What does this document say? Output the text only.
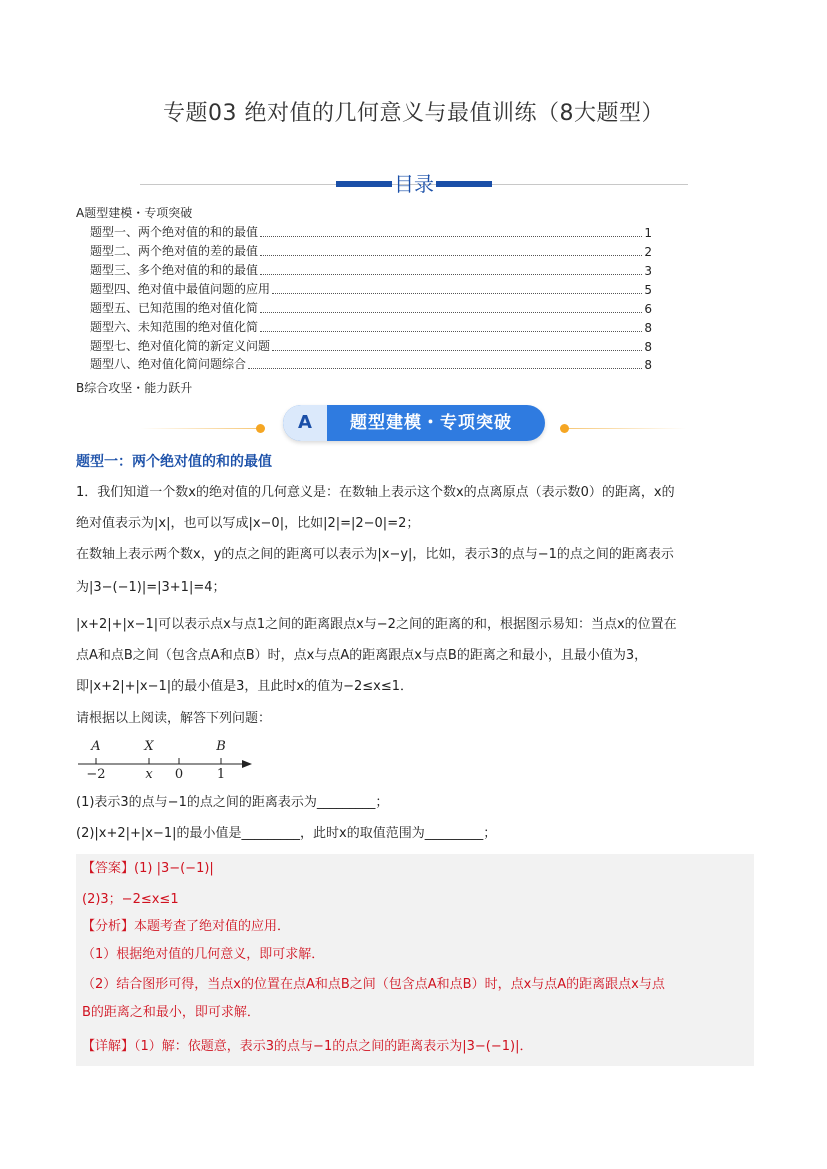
专题03 绝对值的几何意义与最值训练（8大题型）
目录
A题型建模・专项突破
题型一、两个绝对值的和的最值	1
题型二、两个绝对值的差的最值	2
题型三、多个绝对值的和的最值	3
题型四、绝对值中最值问题的应用	5
题型五、已知范围的绝对值化简	6
题型六、未知范围的绝对值化简	8
题型七、绝对值化简的新定义问题	8
题型八、绝对值化简问题综合	8
B综合攻坚・能力跃升
A	题型建模・专项突破
题型一：两个绝对值的和的最值
1．我们知道一个数x的绝对值的几何意义是：在数轴上表示这个数x的点离原点（表示数0）的距离，x的
绝对值表示为|x|，也可以写成|x−0|，比如|2|=|2−0|=2；
在数轴上表示两个数x，y的点之间的距离可以表示为|x−y|，比如，表示3的点与−1的点之间的距离表示
为|3−(−1)|=|3+1|=4；
|x+2|+|x−1|可以表示点x与点1之间的距离跟点x与−2之间的距离的和，根据图示易知：当点x的位置在
点A和点B之间（包含点A和点B）时，点x与点A的距离跟点x与点B的距离之和最小，且最小值为3，
即|x+2|+|x−1|的最小值是3，且此时x的值为−2≤x≤1．
请根据以上阅读，解答下列问题：
A	X	B
−2	x 0	1
(1)表示3的点与−1的点之间的距离表示为_________；
(2)|x+2|+|x−1|的最小值是_________，此时x的取值范围为_________；
【答案】(1) |3−(−1)|
(2)3；−2≤x≤1
【分析】本题考查了绝对值的应用．
（1）根据绝对值的几何意义，即可求解．
（2）结合图形可得，当点x的位置在点A和点B之间（包含点A和点B）时，点x与点A的距离跟点x与点
B的距离之和最小，即可求解．
【详解】（1）解：依题意，表示3的点与−1的点之间的距离表示为|3−(−1)|．
